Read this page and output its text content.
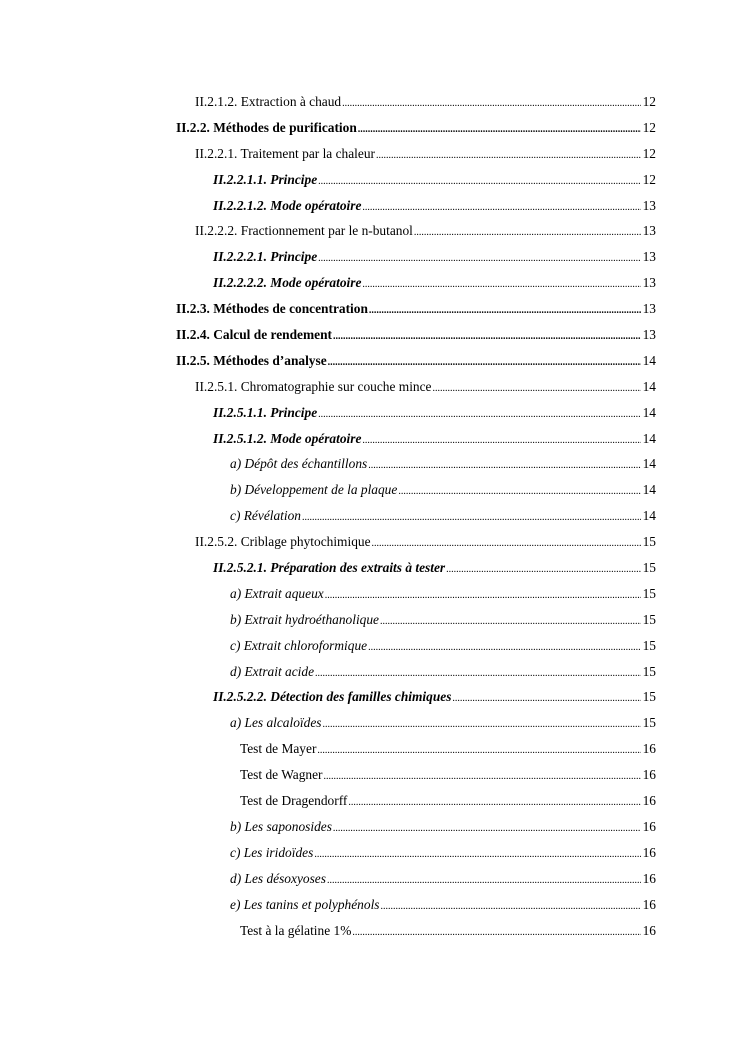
II.2.1.2. Extraction à chaud .....	12
II.2.2. Méthodes de purification .....	12
II.2.2.1. Traitement par la chaleur .....	12
II.2.2.1.1. Principe .....	12
II.2.2.1.2. Mode opératoire .....	13
II.2.2.2. Fractionnement par le n-butanol .....	13
II.2.2.2.1. Principe .....	13
II.2.2.2.2. Mode opératoire .....	13
II.2.3. Méthodes de concentration .....	13
II.2.4. Calcul de rendement .....	13
II.2.5. Méthodes d’analyse .....	14
II.2.5.1. Chromatographie sur couche mince .....	14
II.2.5.1.1. Principe .....	14
II.2.5.1.2. Mode opératoire .....	14
a) Dépôt des échantillons .....	14
b) Développement de la plaque .....	14
c) Révélation .....	14
II.2.5.2. Criblage phytochimique .....	15
II.2.5.2.1. Préparation des extraits à tester .....	15
a) Extrait aqueux .....	15
b) Extrait hydroéthanolique .....	15
c) Extrait chloroformique .....	15
d) Extrait acide .....	15
II.2.5.2.2. Détection des familles chimiques .....	15
a) Les alcaloïdes .....	15
Test de Mayer .....	16
Test de Wagner .....	16
Test de Dragendorff .....	16
b) Les saponosides .....	16
c) Les iridoïdes .....	16
d) Les désoxyoses .....	16
e) Les tanins et polyphénols .....	16
Test à la gélatine 1% .....	16
